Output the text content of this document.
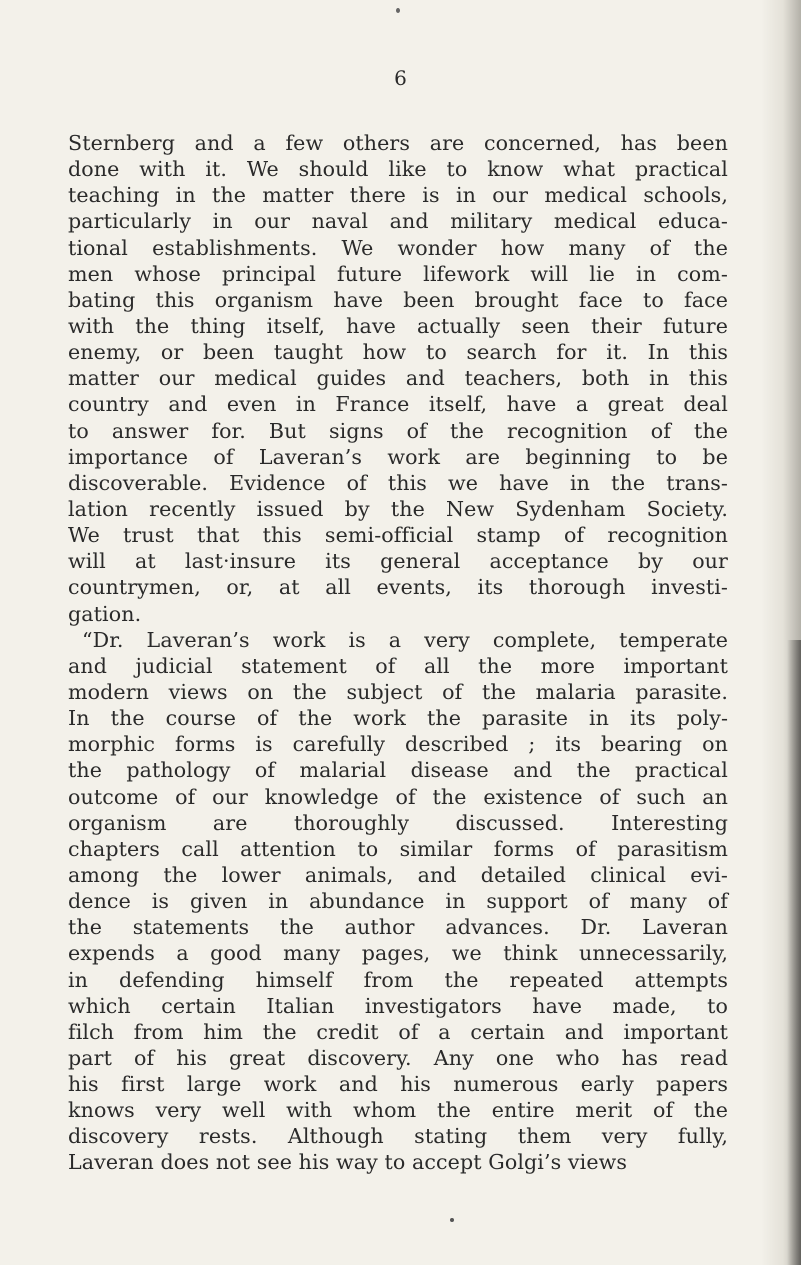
6
Sternberg and a few others are concerned, has been
done with it. We should like to know what practical
teaching in the matter there is in our medical schools,
particularly in our naval and military medical educa-
tional establishments. We wonder how many of the
men whose principal future lifework will lie in com-
bating this organism have been brought face to face
with the thing itself, have actually seen their future
enemy, or been taught how to search for it. In this
matter our medical guides and teachers, both in this
country and even in France itself, have a great deal
to answer for. But signs of the recognition of the
importance of Laveran’s work are beginning to be
discoverable. Evidence of this we have in the trans-
lation recently issued by the New Sydenham Society.
We trust that this semi-official stamp of recognition
will at last·insure its general acceptance by our
countrymen, or, at all events, its thorough investi-
gation.
“Dr. Laveran’s work is a very complete, temperate
and judicial statement of all the more important
modern views on the subject of the malaria parasite.
In the course of the work the parasite in its poly-
morphic forms is carefully described ; its bearing on
the pathology of malarial disease and the practical
outcome of our knowledge of the existence of such an
organism are thoroughly discussed. Interesting
chapters call attention to similar forms of parasitism
among the lower animals, and detailed clinical evi-
dence is given in abundance in support of many of
the statements the author advances. Dr. Laveran
expends a good many pages, we think unnecessarily,
in defending himself from the repeated attempts
which certain Italian investigators have made, to
filch from him the credit of a certain and important
part of his great discovery. Any one who has read
his first large work and his numerous early papers
knows very well with whom the entire merit of the
discovery rests. Although stating them very fully,
Laveran does not see his way to accept Golgi’s views
